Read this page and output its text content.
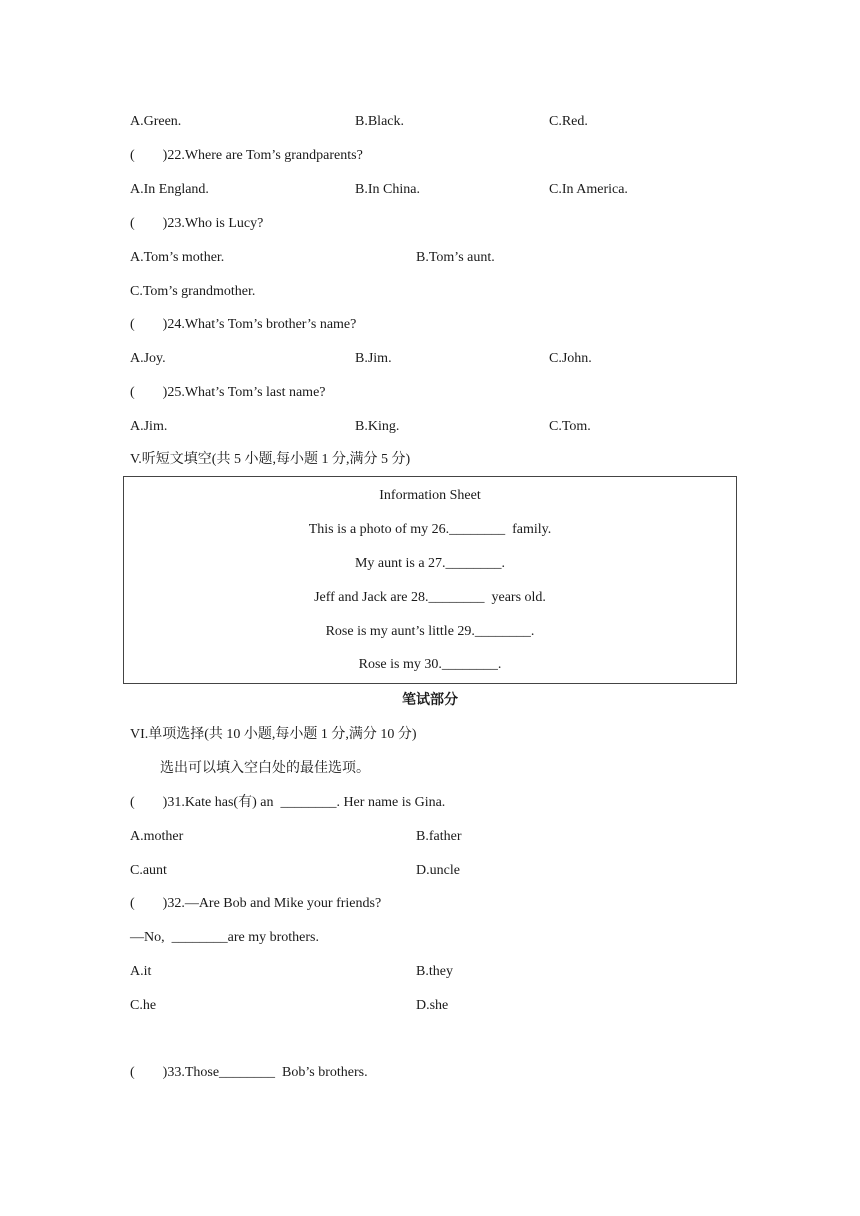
A.Green.	B.Black.	C.Red.
(        )22.Where are Tom’s grandparents?
A.In England.	B.In China.	C.In America.
(        )23.Who is Lucy?
A.Tom’s mother.	B.Tom’s aunt.
C.Tom’s grandmother.
(        )24.What’s Tom’s brother’s name?
A.Joy.	B.Jim.	C.John.
(        )25.What’s Tom’s last name?
A.Jim.	B.King.	C.Tom.
V.听短文填空(共 5 小题,每小题 1 分,满分 5 分)
Information Sheet
This is a photo of my 26.________  family.
My aunt is a 27.________.
Jeff and Jack are 28.________  years old.
Rose is my aunt’s little 29.________.
Rose is my 30.________.
笔试部分
VI.单项选择(共 10 小题,每小题 1 分,满分 10 分)
选出可以填入空白处的最佳选项。
(        )31.Kate has(有) an  ________. Her name is Gina.
A.mother	B.father
C.aunt	D.uncle
(        )32.—Are Bob and Mike your friends?
—No,  ________are my brothers.
A.it	B.they
C.he	D.she
(        )33.Those________  Bob’s brothers.
